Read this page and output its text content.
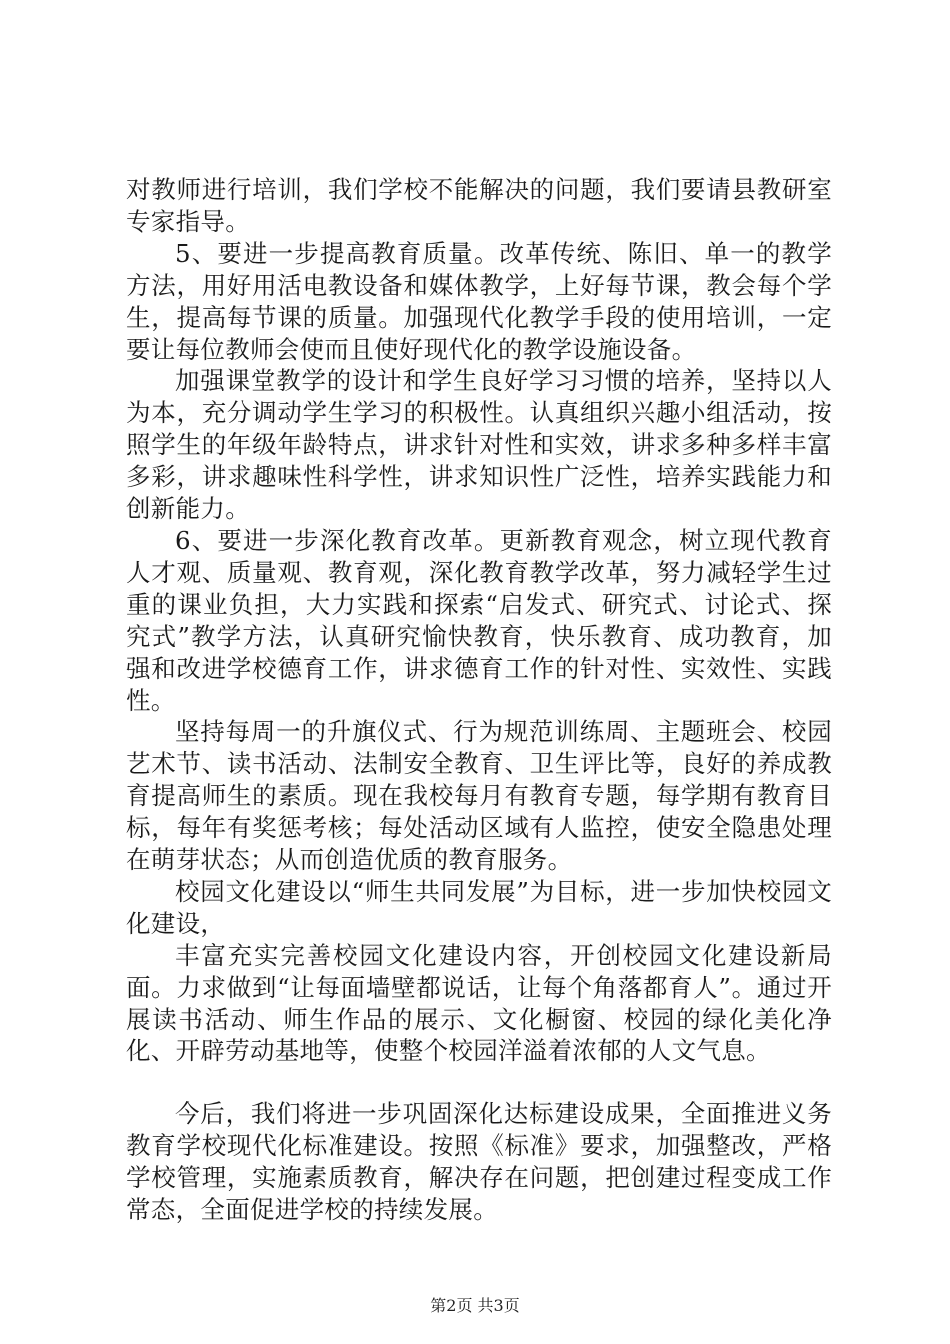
对教师进行培训，我们学校不能解决的问题，我们要请县教研室专家指导。

5、要进一步提高教育质量。改革传统、陈旧、单一的教学方法，用好用活电教设备和媒体教学，上好每节课，教会每个学生，提高每节课的质量。加强现代化教学手段的使用培训，一定要让每位教师会使而且使好现代化的教学设施设备。

加强课堂教学的设计和学生良好学习习惯的培养，坚持以人为本，充分调动学生学习的积极性。认真组织兴趣小组活动，按照学生的年级年龄特点，讲求针对性和实效，讲求多种多样丰富多彩，讲求趣味性科学性，讲求知识性广泛性，培养实践能力和创新能力。

6、要进一步深化教育改革。更新教育观念，树立现代教育人才观、质量观、教育观，深化教育教学改革，努力减轻学生过重的课业负担，大力实践和探索“启发式、研究式、讨论式、探究式”教学方法，认真研究愉快教育，快乐教育、成功教育，加强和改进学校德育工作，讲求德育工作的针对性、实效性、实践性。

坚持每周一的升旗仪式、行为规范训练周、主题班会、校园艺术节、读书活动、法制安全教育、卫生评比等，良好的养成教育提高师生的素质。现在我校每月有教育专题，每学期有教育目标，每年有奖惩考核；每处活动区域有人监控，使安全隐患处理在萌芽状态；从而创造优质的教育服务。

校园文化建设以“师生共同发展”为目标，进一步加快校园文化建设，

丰富充实完善校园文化建设内容，开创校园文化建设新局面。力求做到“让每面墙壁都说话，让每个角落都育人”。通过开展读书活动、师生作品的展示、文化橱窗、校园的绿化美化净化、开辟劳动基地等，使整个校园洋溢着浓郁的人文气息。

今后，我们将进一步巩固深化达标建设成果，全面推进义务教育学校现代化标准建设。按照《标准》要求，加强整改，严格学校管理，实施素质教育，解决存在问题，把创建过程变成工作常态，全面促进学校的持续发展。

第2页 共3页
